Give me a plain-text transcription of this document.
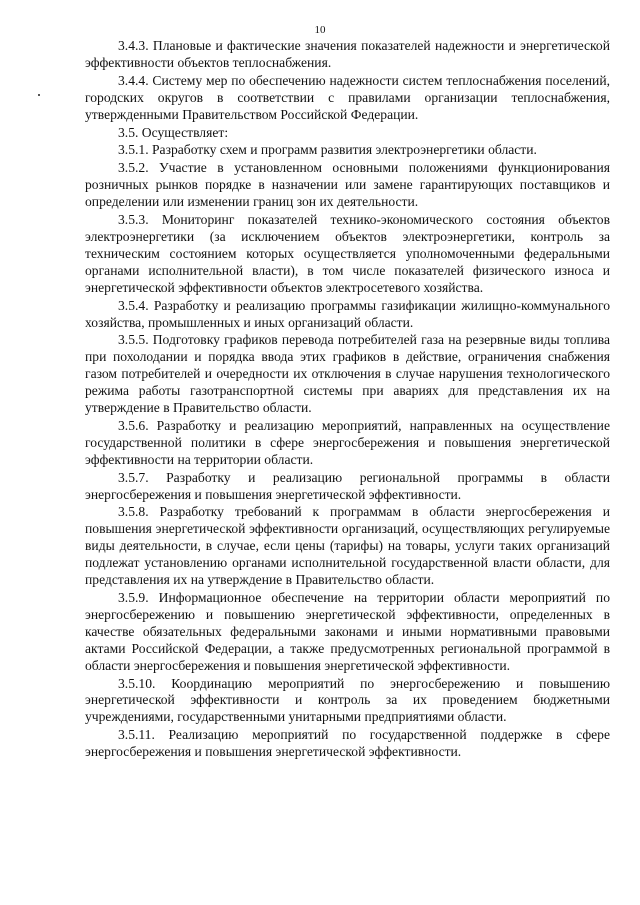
10

3.4.3. Плановые и фактические значения показателей надежности и энергетической эффективности объектов теплоснабжения.

3.4.4. Систему мер по обеспечению надежности систем теплоснабжения поселений, городских округов в соответствии с правилами организации теплоснабжения, утвержденными Правительством Российской Федерации.

3.5. Осуществляет:

3.5.1. Разработку схем и программ развития электроэнергетики области.

3.5.2. Участие в установленном основными положениями функционирования розничных рынков порядке в назначении или замене гарантирующих поставщиков и определении или изменении границ зон их деятельности.

3.5.3. Мониторинг показателей технико-экономического состояния объектов электроэнергетики (за исключением объектов электроэнергетики, контроль за техническим состоянием которых осуществляется уполномоченными федеральными органами исполнительной власти), в том числе показателей физического износа и энергетической эффективности объектов электросетевого хозяйства.

3.5.4. Разработку и реализацию программы газификации жилищно-коммунального хозяйства, промышленных и иных организаций области.

3.5.5. Подготовку графиков перевода потребителей газа на резервные виды топлива при похолодании и порядка ввода этих графиков в действие, ограничения снабжения газом потребителей и очередности их отключения в случае нарушения технологического режима работы газотранспортной системы при авариях для представления их на утверждение в Правительство области.

3.5.6. Разработку и реализацию мероприятий, направленных на осуществление государственной политики в сфере энергосбережения и повышения энергетической эффективности на территории области.

3.5.7. Разработку и реализацию региональной программы в области энергосбережения и повышения энергетической эффективности.

3.5.8. Разработку требований к программам в области энергосбережения и повышения энергетической эффективности организаций, осуществляющих регулируемые виды деятельности, в случае, если цены (тарифы) на товары, услуги таких организаций подлежат установлению органами исполнительной государственной власти области, для представления их на утверждение в Правительство области.

3.5.9. Информационное обеспечение на территории области мероприятий по энергосбережению и повышению энергетической эффективности, определенных в качестве обязательных федеральными законами и иными нормативными правовыми актами Российской Федерации, а также предусмотренных региональной программой в области энергосбережения и повышения энергетической эффективности.

3.5.10. Координацию мероприятий по энергосбережению и повышению энергетической эффективности и контроль за их проведением бюджетными учреждениями, государственными унитарными предприятиями области.

3.5.11. Реализацию мероприятий по государственной поддержке в сфере энергосбережения и повышения энергетической эффективности.
